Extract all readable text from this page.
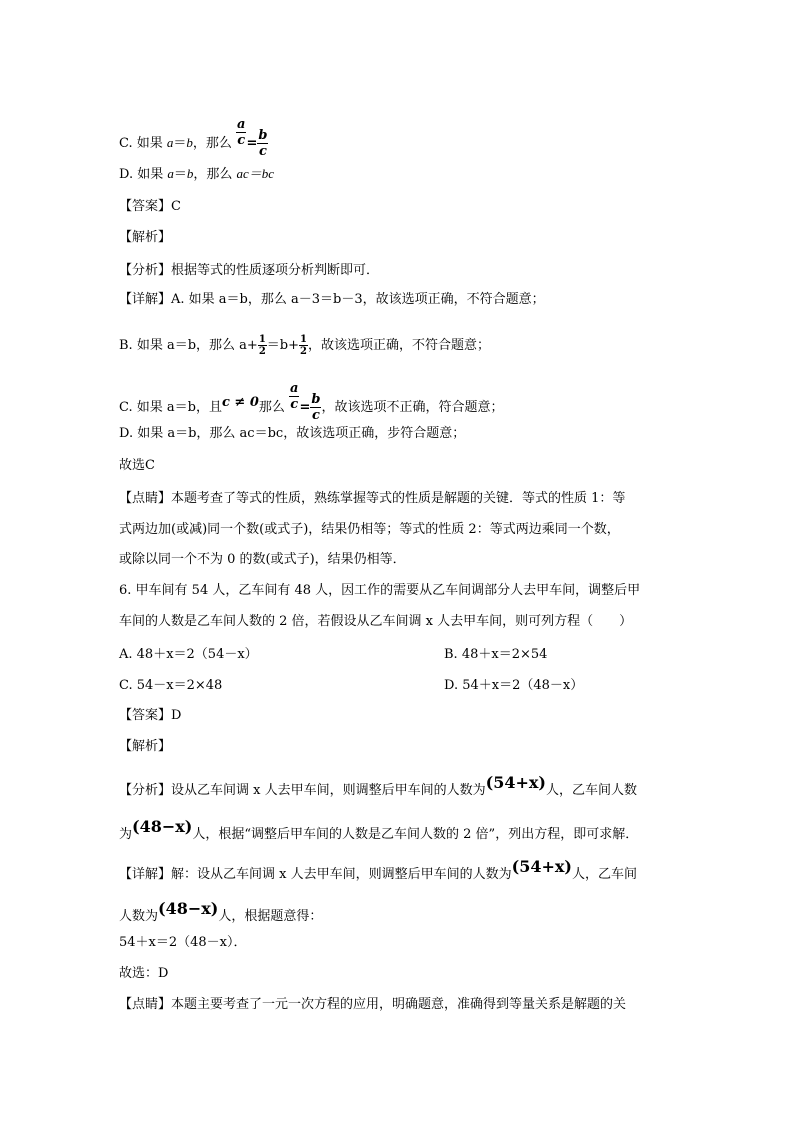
C. 如果 a＝b，那么 $\frac{a}{c} = \frac{b}{c}$
D. 如果 a＝b，那么 ac＝bc
【答案】C
【解析】
【分析】根据等式的性质逐项分析判断即可．
【详解】A. 如果 a＝b，那么 a－3＝b－3，故该选项正确，不符合题意；
B. 如果 a＝b，那么 $a+ \frac{1}{2} =b+ \frac{1}{2}$ ，故该选项正确，不符合题意；
C. 如果 a＝b，且c ≠ 0那么 $\frac{a}{c} = \frac{b}{c}$ ，故该选项不正确，符合题意；
D. 如果 a＝b，那么 ac＝bc，故该选项正确，步符合题意；
故选C
【点睛】本题考查了等式的性质，熟练掌握等式的性质是解题的关键．等式的性质 1：等
式两边加(或减)同一个数(或式子)，结果仍相等；等式的性质 2：等式两边乘同一个数，
或除以同一个不为 0 的数(或式子)，结果仍相等．
6. 甲车间有 54 人，乙车间有 48 人，因工作的需要从乙车间调部分人去甲车间，调整后甲
车间的人数是乙车间人数的 2 倍，若假设从乙车间调 x 人去甲车间，则可列方程（　　）
A. 48＋x＝2（54－x）	B. 48＋x＝2×54
C. 54－x＝2×48	D. 54＋x＝2（48－x）
【答案】D
【解析】
【分析】设从乙车间调 x 人去甲车间，则调整后甲车间的人数为(54+x)人，乙车间人数
为(48−x)人，根据“调整后甲车间的人数是乙车间人数的 2 倍”，列出方程，即可求解．
【详解】解：设从乙车间调 x 人去甲车间，则调整后甲车间的人数为(54+x)人，乙车间
人数为(48−x)人，根据题意得：
54＋x＝2（48－x）．
故选：D
【点睛】本题主要考查了一元一次方程的应用，明确题意，准确得到等量关系是解题的关
